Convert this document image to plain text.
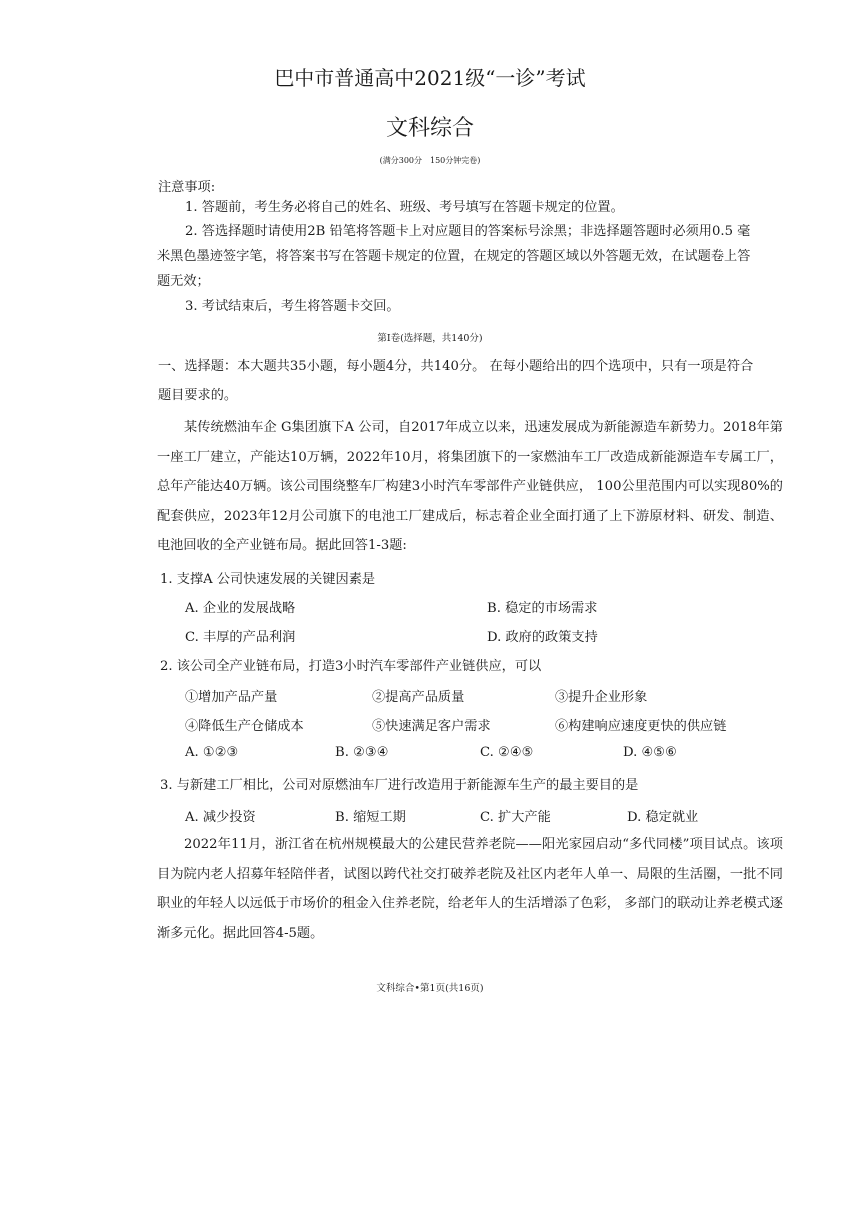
巴中市普通高中2021级“一诊”考试
文科综合
(满分300分　150分钟完卷)
注意事项:
1. 答题前，考生务必将自己的姓名、班级、考号填写在答题卡规定的位置。
2. 答选择题时请使用2B 铅笔将答题卡上对应题目的答案标号涂黑；非选择题答题时必须用0.5 毫
米黑色墨迹签字笔，将答案书写在答题卡规定的位置，在规定的答题区域以外答题无效，在试题卷上答
题无效；
3. 考试结束后，考生将答题卡交回。
第Ⅰ卷(选择题，共140分)
一、选择题：本大题共35小题，每小题4分，共140分。 在每小题给出的四个选项中，只有一项是符合
题目要求的。
某传统燃油车企 G集团旗下A 公司，自2017年成立以来，迅速发展成为新能源造车新势力。2018年第一座工厂建立，产能达10万辆，2022年10月，将集团旗下的一家燃油车工厂改造成新能源造车专属工厂，总年产能达40万辆。该公司围绕整车厂构建3小时汽车零部件产业链供应， 100公里范围内可以实现80%的配套供应，2023年12月公司旗下的电池工厂建成后，标志着企业全面打通了上下游原材料、研发、制造、 电池回收的全产业链布局。据此回答1-3题:
1. 支撑A 公司快速发展的关键因素是
A. 企业的发展战略	B. 稳定的市场需求
C. 丰厚的产品利润	D. 政府的政策支持
2. 该公司全产业链布局，打造3小时汽车零部件产业链供应，可以
①增加产品产量	②提高产品质量	③提升企业形象
④降低生产仓储成本	⑤快速满足客户需求	⑥构建响应速度更快的供应链
A. ①②③	B. ②③④	C. ②④⑤	D. ④⑤⑥
3. 与新建工厂相比，公司对原燃油车厂进行改造用于新能源车生产的最主要目的是
A. 减少投资	B. 缩短工期	C. 扩大产能	D. 稳定就业
2022年11月，浙江省在杭州规模最大的公建民营养老院——阳光家园启动“多代同楼”项目试点。该项目为院内老人招募年轻陪伴者，试图以跨代社交打破养老院及社区内老年人单一、局限的生活圈，一批不同职业的年轻人以远低于市场价的租金入住养老院，给老年人的生活增添了色彩， 多部门的联动让养老模式逐渐多元化。据此回答4-5题。
文科综合•第1页(共16页)
